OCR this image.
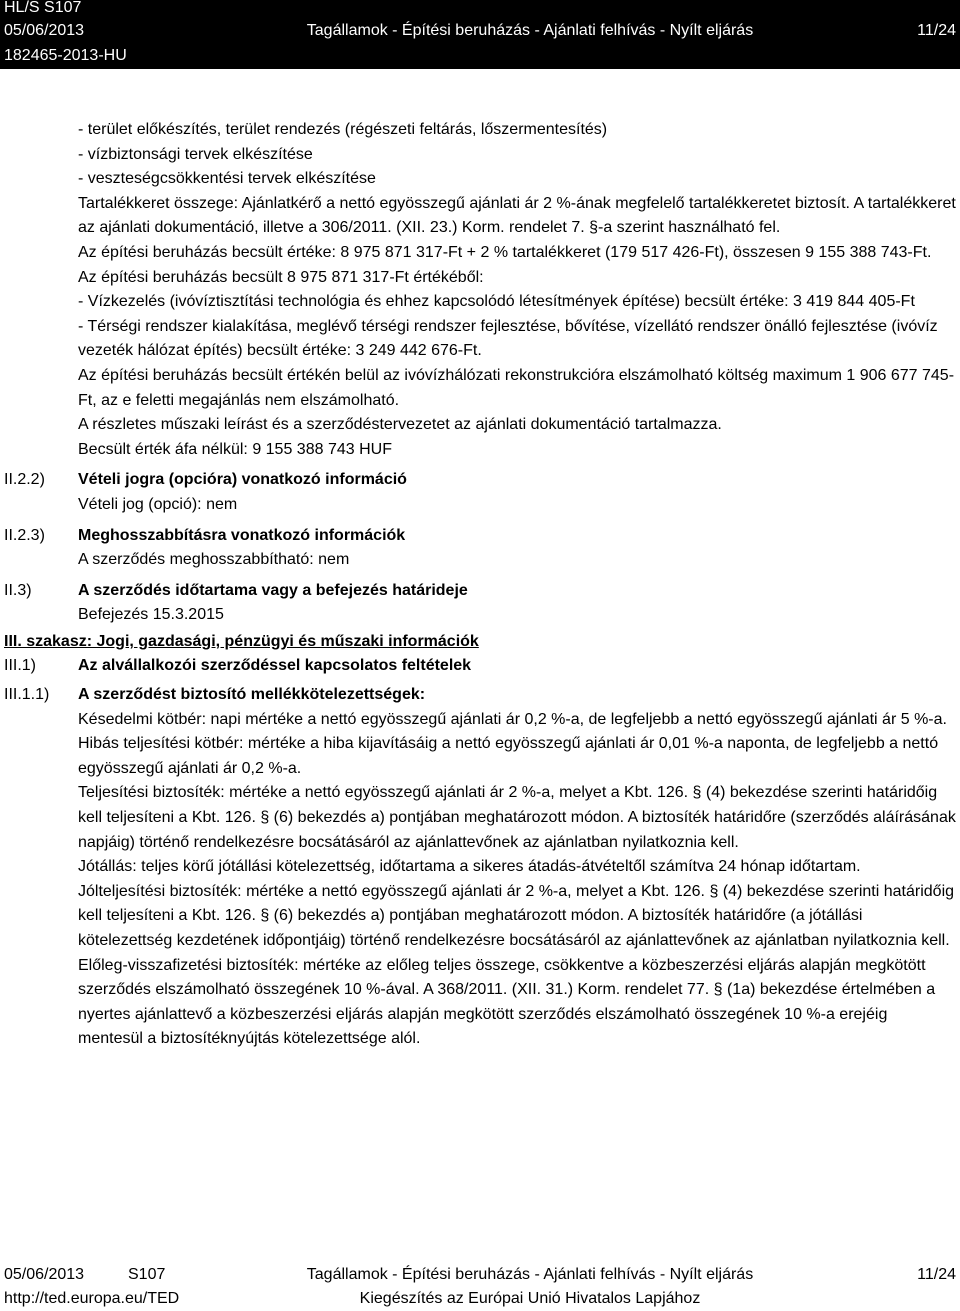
HL/S S107
05/06/2013
182465-2013-HU
Tagállamok - Építési beruházás - Ajánlati felhívás - Nyílt eljárás	11/24

- terület előkészítés, terület rendezés (régészeti feltárás, lőszermentesítés)

- vízbiztonsági tervek elkészítése

- veszteségcsökkentési tervek elkészítése

Tartalékkeret összege: Ajánlatkérő a nettó egyösszegű ajánlati ár 2 %-ának megfelelő tartalékkeretet biztosít. A tartalékkeret az ajánlati dokumentáció, illetve a 306/2011. (XII. 23.) Korm. rendelet 7. §-a szerint használható fel.

Az építési beruházás becsült értéke: 8 975 871 317-Ft + 2 % tartalékkeret (179 517 426-Ft), összesen 9 155 388 743-Ft.

Az építési beruházás becsült 8 975 871 317-Ft értékéből:

- Vízkezelés (ivóvíztisztítási technológia és ehhez kapcsolódó létesítmények építése) becsült értéke: 3 419 844 405-Ft

- Térségi rendszer kialakítása, meglévő térségi rendszer fejlesztése, bővítése, vízellátó rendszer önálló fejlesztése (ivóvíz vezeték hálózat építés) becsült értéke: 3 249 442 676-Ft.

Az építési beruházás becsült értékén belül az ivóvízhálózati rekonstrukcióra elszámolható költség maximum 1 906 677 745-Ft, az e feletti megajánlás nem elszámolható.

A részletes műszaki leírást és a szerződéstervezetet az ajánlati dokumentáció tartalmazza.

Becsült érték áfa nélkül: 9 155 388 743 HUF

II.2.2) Vételi jogra (opcióra) vonatkozó információ

Vételi jog (opció): nem

II.2.3) Meghosszabbításra vonatkozó információk

A szerződés meghosszabbítható: nem

II.3)	A szerződés időtartama vagy a befejezés határideje

Befejezés 15.3.2015

III. szakasz: Jogi, gazdasági, pénzügyi és műszaki információk
III.1)	Az alvállalkozói szerződéssel kapcsolatos feltételek

III.1.1) A szerződést biztosító mellékkötelezettségek:

Késedelmi kötbér: napi mértéke a nettó egyösszegű ajánlati ár 0,2 %-a, de legfeljebb a nettó egyösszegű ajánlati ár 5 %-a.

Hibás teljesítési kötbér: mértéke a hiba kijavításáig a nettó egyösszegű ajánlati ár 0,01 %-a naponta, de legfeljebb a nettó egyösszegű ajánlati ár 0,2 %-a.

Teljesítési biztosíték: mértéke a nettó egyösszegű ajánlati ár 2 %-a, melyet a Kbt. 126. § (4) bekezdése szerinti határidőig kell teljesíteni a Kbt. 126. § (6) bekezdés a) pontjában meghatározott módon. A biztosíték határidőre (szerződés aláírásának napjáig) történő rendelkezésre bocsátásáról az ajánlattevőnek az ajánlatban nyilatkoznia kell.

Jótállás: teljes körű jótállási kötelezettség, időtartama a sikeres átadás-átvételtől számítva 24 hónap időtartam.

Jólteljesítési biztosíték: mértéke a nettó egyösszegű ajánlati ár 2 %-a, melyet a Kbt. 126. § (4) bekezdése szerinti határidőig kell teljesíteni a Kbt. 126. § (6) bekezdés a) pontjában meghatározott módon. A biztosíték határidőre (a jótállási kötelezettség kezdetének időpontjáig) történő rendelkezésre bocsátásáról az ajánlattevőnek az ajánlatban nyilatkoznia kell.

Előleg-visszafizetési biztosíték: mértéke az előleg teljes összege, csökkentve a közbeszerzési eljárás alapján megkötött szerződés elszámolható összegének 10 %-ával. A 368/2011. (XII. 31.) Korm. rendelet 77. § (1a) bekezdése értelmében a nyertes ajánlattevő a közbeszerzési eljárás alapján megkötött szerződés elszámolható összegének 10 %-a erejéig mentesül a biztosítéknyújtás kötelezettsége alól.

05/06/2013	S107
http://ted.europa.eu/TED
Tagállamok - Építési beruházás - Ajánlati felhívás - Nyílt eljárás
Kiegészítés az Európai Unió Hivatalos Lapjához
11/24
